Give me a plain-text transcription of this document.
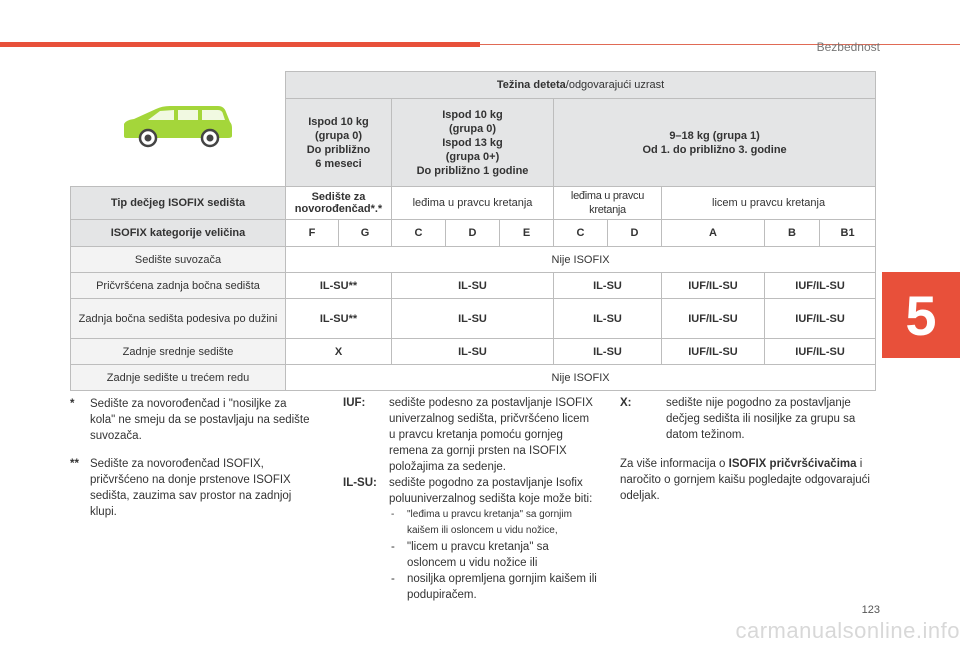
Bezbednost
5
	Težina deteta/odgovarajući uzrast									
	Ispod 10 kg
(grupa 0)
Do približno
6 meseci		Ispod 10 kg
(grupa 0)
Ispod 13 kg
(grupa 0+)
Do približno 1 godine			9–18 kg (grupa 1)
Od 1. do približno 3. godine				
Tip dečjeg ISOFIX sedišta	Sedište za novorođenčad*.*		leđima u pravcu kretanja			leđima u pravcu kretanja		licem u pravcu kretanja		
ISOFIX kategorije veličina	F	G	C	D	E	C	D	A	B	B1
Sedište suvozača	Nije ISOFIX									
Pričvršćena zadnja bočna sedišta	IL-SU**		IL-SU			IL-SU		IUF/IL-SU	IUF/IL-SU	
Zadnja bočna sedišta podesiva po dužini	IL-SU**		IL-SU			IL-SU		IUF/IL-SU	IUF/IL-SU	
Zadnje srednje sedište	X		IL-SU			IL-SU		IUF/IL-SU	IUF/IL-SU	
Zadnje sedište u trećem redu	Nije ISOFIX									
* Sedište za novorođenčad i "nosiljke za kola" ne smeju da se postavljaju na sedište suvozača.
** Sedište za novorođenčad ISOFIX, pričvršćeno na donje prstenove ISOFIX sedišta, zauzima sav prostor na zadnjoj klupi.
IUF: sedište podesno za postavljanje ISOFIX univerzalnog sedišta, pričvršćeno licem u pravcu kretanja pomoću gornjeg remena za gornji prsten na ISOFIX položajima za sedenje.
IL-SU: sedište pogodno za postavljanje Isofix poluuniverzalnog sedišta koje može biti:
- "leđima u pravcu kretanja" sa gornjim kaišem ili osloncem u vidu nožice,
- "licem u pravcu kretanja" sa osloncem u vidu nožice ili
- nosiljka opremljena gornjim kaišem ili podupiračem.
X:	sedište nije pogodno za postavljanje dečjeg sedišta ili nosiljke za grupu sa datom težinom.
Za više informacija o ISOFIX pričvršćivačima i naročito o gornjem kaišu pogledajte odgovarajući odeljak.
123
carmanualsonline.info
